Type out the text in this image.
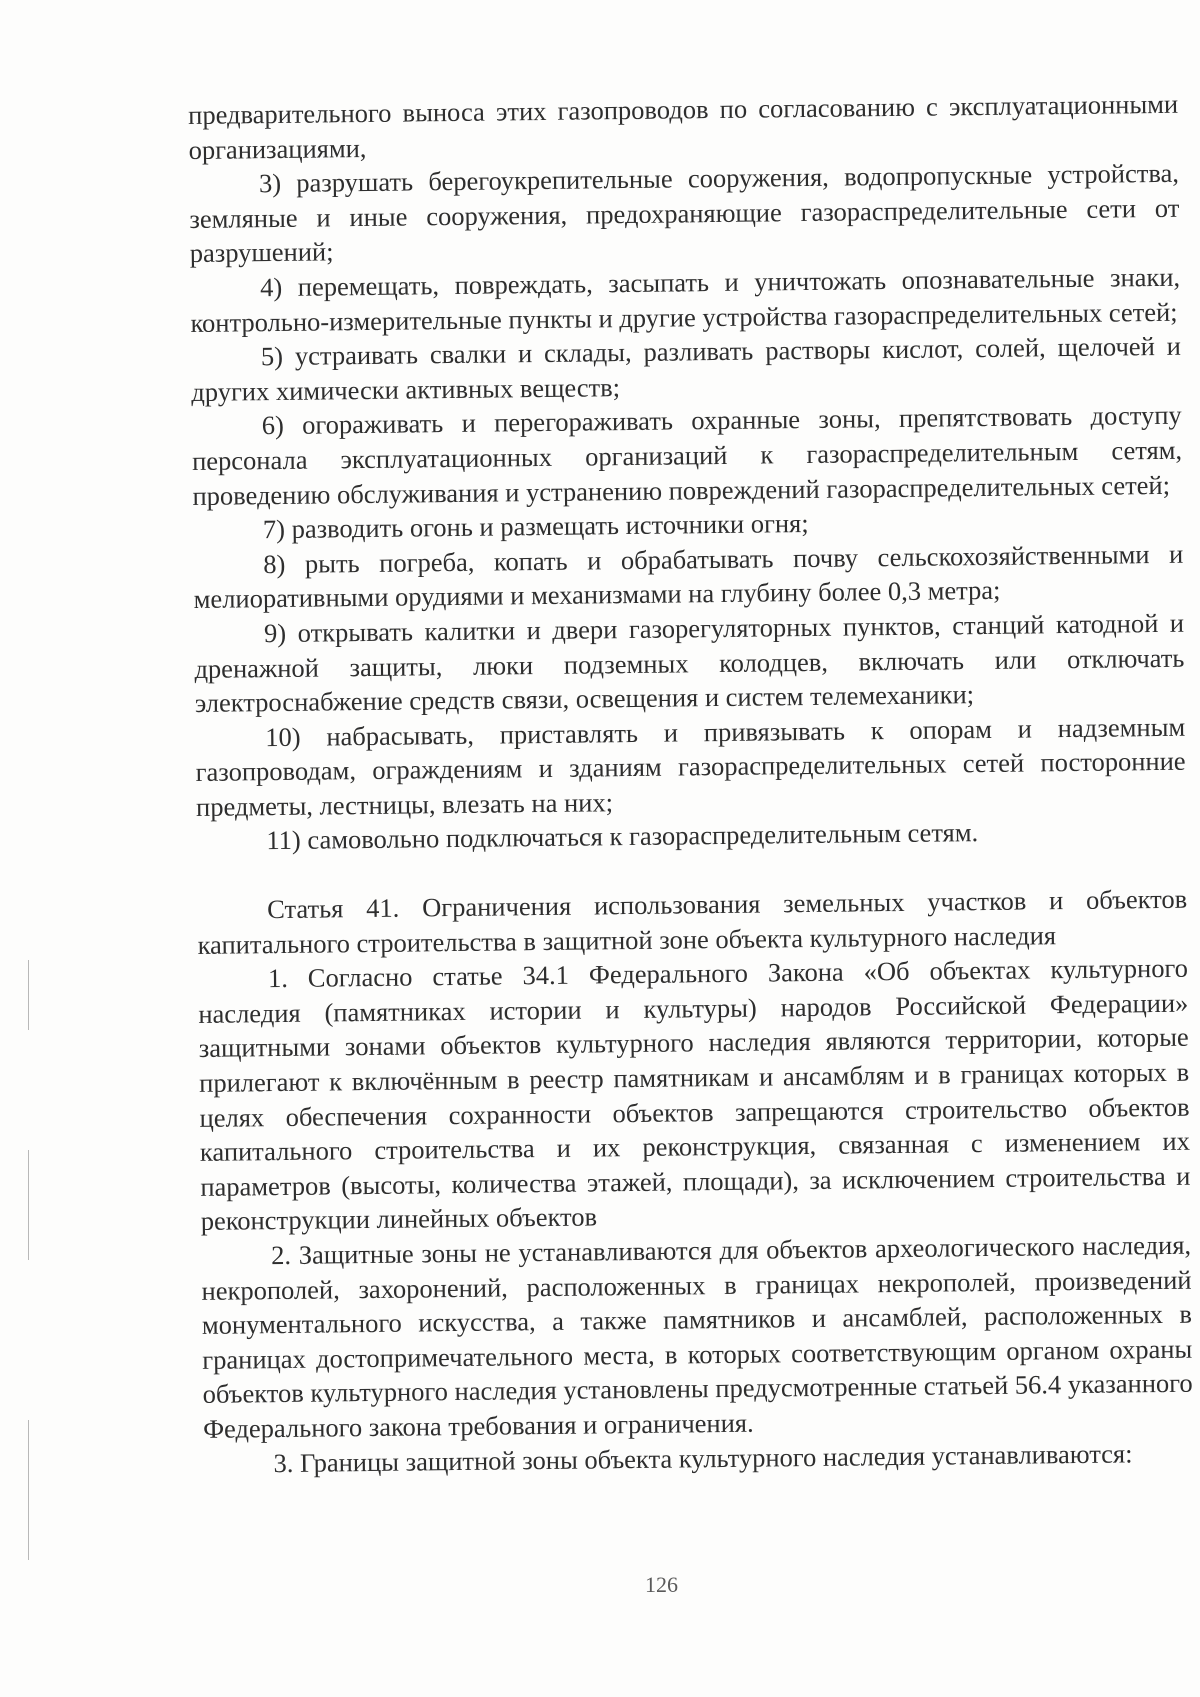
предварительного выноса этих газопроводов по согласованию с эксплуатационными организациями,

3) разрушать берегоукрепительные сооружения, водопропускные устройства, земляные и иные сооружения, предохраняющие газораспределительные сети от разрушений;

4) перемещать, повреждать, засыпать и уничтожать опознавательные знаки, контрольно-измерительные пункты и другие устройства газораспределительных сетей;

5) устраивать свалки и склады, разливать растворы кислот, солей, щелочей и других химически активных веществ;

6) огораживать и перегораживать охранные зоны, препятствовать доступу персонала эксплуатационных организаций к газораспределительным сетям, проведению обслуживания и устранению повреждений газораспределительных сетей;

7) разводить огонь и размещать источники огня;

8) рыть погреба, копать и обрабатывать почву сельскохозяйственными и мелиоративными орудиями и механизмами на глубину более 0,3 метра;

9) открывать калитки и двери газорегуляторных пунктов, станций катодной и дренажной защиты, люки подземных колодцев, включать или отключать электроснабжение средств связи, освещения и систем телемеханики;

10) набрасывать, приставлять и привязывать к опорам и надземным газопроводам, ограждениям и зданиям газораспределительных сетей посторонние предметы, лестницы, влезать на них;

11) самовольно подключаться к газораспределительным сетям.

Статья 41. Ограничения использования земельных участков и объектов капитального строительства в защитной зоне объекта культурного наследия

1. Согласно статье 34.1 Федерального Закона «Об объектах культурного наследия (памятниках истории и культуры) народов Российской Федерации» защитными зонами объектов культурного наследия являются территории, которые прилегают к включённым в реестр памятникам и ансамблям и в границах которых в целях обеспечения сохранности объектов запрещаются строительство объектов капитального строительства и их реконструкция, связанная с изменением их параметров (высоты, количества этажей, площади), за исключением строительства и реконструкции линейных объектов

2. Защитные зоны не устанавливаются для объектов археологического наследия, некрополей, захоронений, расположенных в границах некрополей, произведений монументального искусства, а также памятников и ансамблей, расположенных в границах достопримечательного места, в которых соответствующим органом охраны объектов культурного наследия установлены предусмотренные статьей 56.4 указанного Федерального закона требования и ограничения.

3. Границы защитной зоны объекта культурного наследия устанавливаются:

126
